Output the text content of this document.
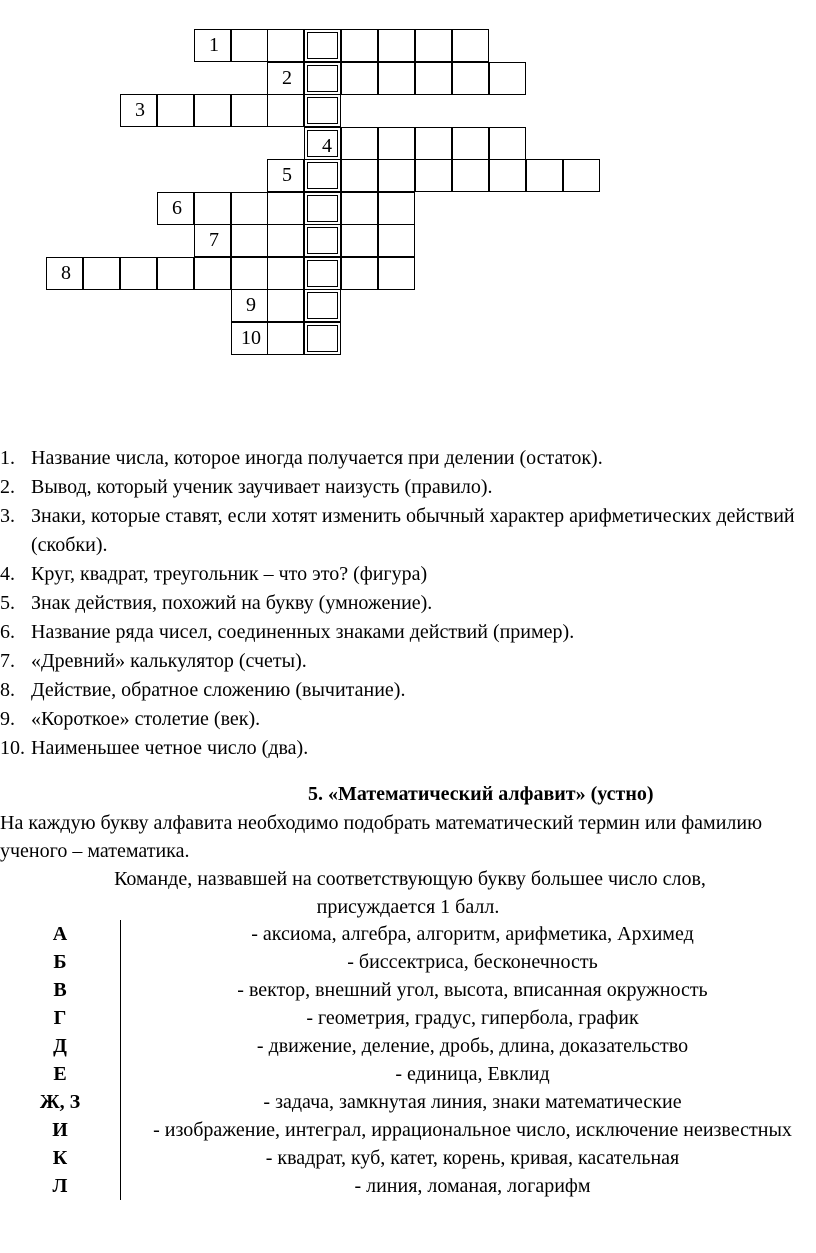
1
2
3
4
5
6
7
8
9
10
1. Название числа, которое иногда получается при делении (остаток).
2. Вывод, который ученик заучивает наизусть (правило).
3. Знаки, которые ставят, если хотят изменить обычный характер арифметических действий (скобки).
4. Круг, квадрат, треугольник – что это? (фигура)
5. Знак действия, похожий на букву (умножение).
6. Название ряда чисел, соединенных знаками действий (пример).
7. «Древний» калькулятор (счеты).
8. Действие, обратное сложению (вычитание).
9. «Короткое» столетие (век).
10. Наименьшее четное число (два).

5. «Математический алфавит» (устно)

На каждую букву алфавита необходимо подобрать математический термин или фамилию ученого – математика.

Команде, назвавшей на соответствующую букву большее число слов,
присуждается 1 балл.

А	- аксиома, алгебра, алгоритм, арифметика, Архимед
Б	- биссектриса, бесконечность
В	- вектор, внешний угол, высота, вписанная окружность
Г	- геометрия, градус, гипербола, график
Д	- движение, деление, дробь, длина, доказательство
Е	- единица, Евклид
Ж, З	- задача, замкнутая линия, знаки математические
И	- изображение, интеграл, иррациональное число, исключение неизвестных
К	- квадрат, куб, катет, корень, кривая, касательная
Л	- линия, ломаная, логарифм
